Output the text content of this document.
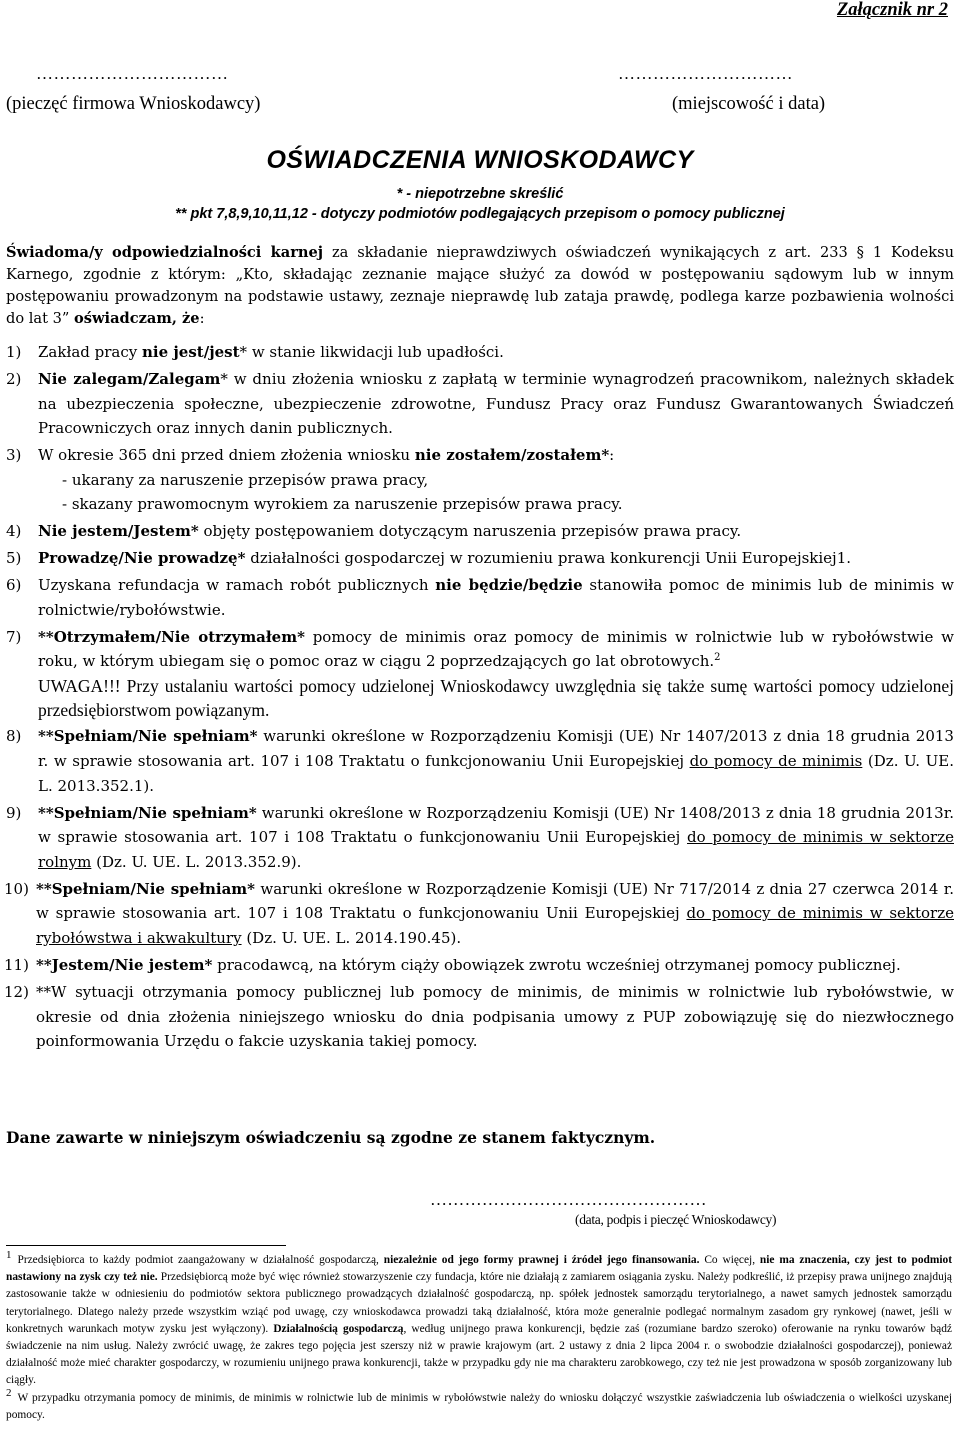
Załącznik nr 2
……………………………	…………………………
(pieczęć firmowa Wnioskodawcy)	(miejscowość i data)
OŚWIADCZENIA WNIOSKODAWCY
* - niepotrzebne skreślić
** pkt 7,8,9,10,11,12 - dotyczy podmiotów podlegających przepisom o pomocy publicznej
Świadoma/y odpowiedzialności karnej za składanie nieprawdziwych oświadczeń wynikających z art. 233 § 1 Kodeksu Karnego, zgodnie z którym: „Kto, składając zeznanie mające służyć za dowód w postępowaniu sądowym lub w innym postępowaniu prowadzonym na podstawie ustawy, zeznaje nieprawdę lub zataja prawdę, podlega karze pozbawienia wolności do lat 3” oświadczam, że:
1)	Zakład pracy nie jest/jest* w stanie likwidacji lub upadłości.
2)	Nie zalegam/Zalegam* w dniu złożenia wniosku z zapłatą w terminie wynagrodzeń pracownikom, należnych składek na ubezpieczenia społeczne, ubezpieczenie zdrowotne, Fundusz Pracy oraz Fundusz Gwarantowanych Świadczeń Pracowniczych oraz innych danin publicznych.
3)	W okresie 365 dni przed dniem złożenia wniosku nie zostałem/zostałem*:
- ukarany za naruszenie przepisów prawa pracy,
- skazany prawomocnym wyrokiem za naruszenie przepisów prawa pracy.
4)	Nie jestem/Jestem* objęty postępowaniem dotyczącym naruszenia przepisów prawa pracy.
5)	Prowadzę/Nie prowadzę* działalności gospodarczej w rozumieniu prawa konkurencji Unii Europejskiej1.
6)	Uzyskana refundacja w ramach robót publicznych nie będzie/będzie stanowiła pomoc de minimis lub de minimis w rolnictwie/rybołówstwie.
7)	**Otrzymałem/Nie otrzymałem* pomocy de minimis oraz pomocy de minimis w rolnictwie lub w rybołówstwie w roku, w którym ubiegam się o pomoc oraz w ciągu 2 poprzedzających go lat obrotowych.$^2$
UWAGA!!! Przy ustalaniu wartości pomocy udzielonej Wnioskodawcy uwzględnia się także sumę wartości pomocy udzielonej przedsiębiorstwom powiązanym.
8)	**Spełniam/Nie spełniam* warunki określone w Rozporządzeniu Komisji (UE) Nr 1407/2013 z dnia 18 grudnia 2013 r. w sprawie stosowania art. 107 i 108 Traktatu o funkcjonowaniu Unii Europejskiej do pomocy de minimis (Dz. U. UE. L. 2013.352.1).
9)	**Spełniam/Nie spełniam* warunki określone w Rozporządzeniu Komisji (UE) Nr 1408/2013 z dnia 18 grudnia 2013r. w sprawie stosowania art. 107 i 108 Traktatu o funkcjonowaniu Unii Europejskiej do pomocy de minimis w sektorze rolnym (Dz. U. UE. L. 2013.352.9).
10) **Spełniam/Nie spełniam* warunki określone w Rozporządzenie Komisji (UE) Nr 717/2014 z dnia 27 czerwca 2014 r. w sprawie stosowania art. 107 i 108 Traktatu o funkcjonowaniu Unii Europejskiej do pomocy de minimis w sektorze rybołówstwa i akwakultury (Dz. U. UE. L. 2014.190.45).
11) **Jestem/Nie jestem* pracodawcą, na którym ciąży obowiązek zwrotu wcześniej otrzymanej pomocy publicznej.
12) **W sytuacji otrzymania pomocy publicznej lub pomocy de minimis, de minimis w rolnictwie lub rybołówstwie, w okresie od dnia złożenia niniejszego wniosku do dnia podpisania umowy z PUP zobowiązuję się do niezwłocznego poinformowania Urzędu o fakcie uzyskania takiej pomocy.
Dane zawarte w niniejszym oświadczeniu są zgodne ze stanem faktycznym.
…………………………………………
(data, podpis i pieczęć Wnioskodawcy)

1 Przedsiębiorca to każdy podmiot zaangażowany w działalność gospodarczą, niezależnie od jego formy prawnej i źródeł jego finansowania. Co więcej, nie ma znaczenia, czy jest to podmiot nastawiony na zysk czy też nie. Przedsiębiorcą może być więc również stowarzyszenie czy fundacja, które nie działają z zamiarem osiągania zysku. Należy podkreślić, iż przepisy prawa unijnego znajdują zastosowanie także w odniesieniu do podmiotów sektora publicznego prowadzących działalność gospodarczą, np. spółek jednostek samorządu terytorialnego, a nawet samych jednostek samorządu terytorialnego. Dlatego należy przede wszystkim wziąć pod uwagę, czy wnioskodawca prowadzi taką działalność, która może generalnie podlegać normalnym zasadom gry rynkowej (nawet, jeśli w konkretnych warunkach motyw zysku jest wyłączony). Działalnością gospodarczą, według unijnego prawa konkurencji, będzie zaś (rozumiane bardzo szeroko) oferowanie na rynku towarów bądź świadczenie na nim usług. Należy zwrócić uwagę, że zakres tego pojęcia jest szerszy niż w prawie krajowym (art. 2 ustawy z dnia 2 lipca 2004 r. o swobodzie działalności gospodarczej), ponieważ działalność może mieć charakter gospodarczy, w rozumieniu unijnego prawa konkurencji, także w przypadku gdy nie ma charakteru zarobkowego, czy też nie jest prowadzona w sposób zorganizowany lub ciągły.

2 W przypadku otrzymania pomocy de minimis, de minimis w rolnictwie lub de minimis w rybołówstwie należy do wniosku dołączyć wszystkie zaświadczenia lub oświadczenia o wielkości uzyskanej pomocy.
